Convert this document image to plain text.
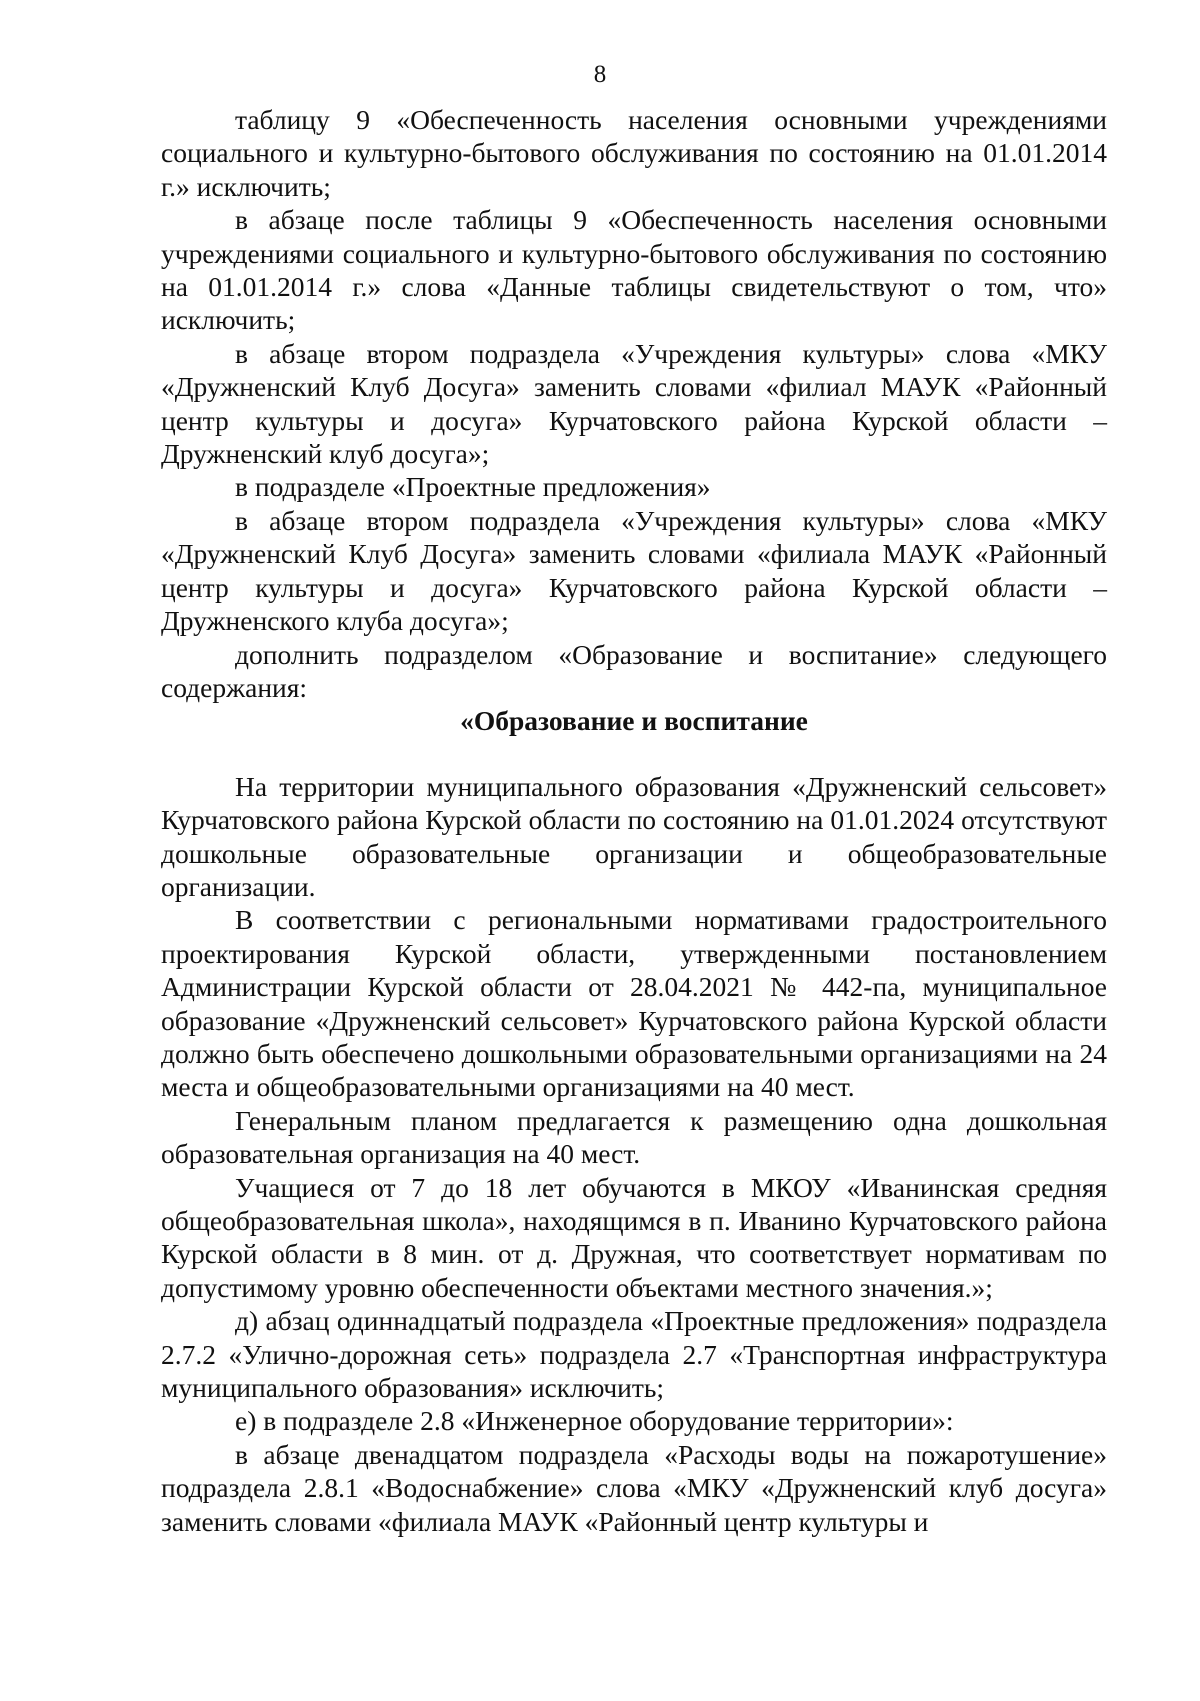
8

таблицу 9 «Обеспеченность населения основными учреждениями социального и культурно-бытового обслуживания по состоянию на 01.01.2014 г.» исключить;

в абзаце после таблицы 9 «Обеспеченность населения основными учреждениями социального и культурно-бытового обслуживания по состоянию на 01.01.2014 г.» слова «Данные таблицы свидетельствуют о том, что» исключить;

в абзаце втором подраздела «Учреждения культуры» слова «МКУ «Дружненский Клуб Досуга» заменить словами «филиал МАУК «Районный центр культуры и досуга» Курчатовского района Курской области – Дружненский клуб досуга»;

в подразделе «Проектные предложения»

в абзаце втором подраздела «Учреждения культуры» слова «МКУ «Дружненский Клуб Досуга» заменить словами «филиала МАУК «Районный центр культуры и досуга» Курчатовского района Курской области – Дружненского клуба досуга»;

дополнить подразделом «Образование и воспитание» следующего содержания:

«Образование и воспитание

На территории муниципального образования «Дружненский сельсовет» Курчатовского района Курской области по состоянию на 01.01.2024 отсутствуют дошкольные образовательные организации и общеобразовательные организации.

В соответствии с региональными нормативами градостроительного проектирования Курской области, утвержденными постановлением Администрации Курской области от 28.04.2021 № 442-па, муниципальное образование «Дружненский сельсовет» Курчатовского района Курской области должно быть обеспечено дошкольными образовательными организациями на 24 места и общеобразовательными организациями на 40 мест.

Генеральным планом предлагается к размещению одна дошкольная образовательная организация на 40 мест.

Учащиеся от 7 до 18 лет обучаются в МКОУ «Иванинская средняя общеобразовательная школа», находящимся в п. Иванино Курчатовского района Курской области в 8 мин. от д. Дружная, что соответствует нормативам по допустимому уровню обеспеченности объектами местного значения.»;

д) абзац одиннадцатый подраздела «Проектные предложения» подраздела 2.7.2 «Улично-дорожная сеть» подраздела 2.7 «Транспортная инфраструктура муниципального образования» исключить;

е) в подразделе 2.8 «Инженерное оборудование территории»:

в абзаце двенадцатом подраздела «Расходы воды на пожаротушение» подраздела 2.8.1 «Водоснабжение» слова «МКУ «Дружненский клуб досуга» заменить словами «филиала МАУК «Районный центр культуры и
